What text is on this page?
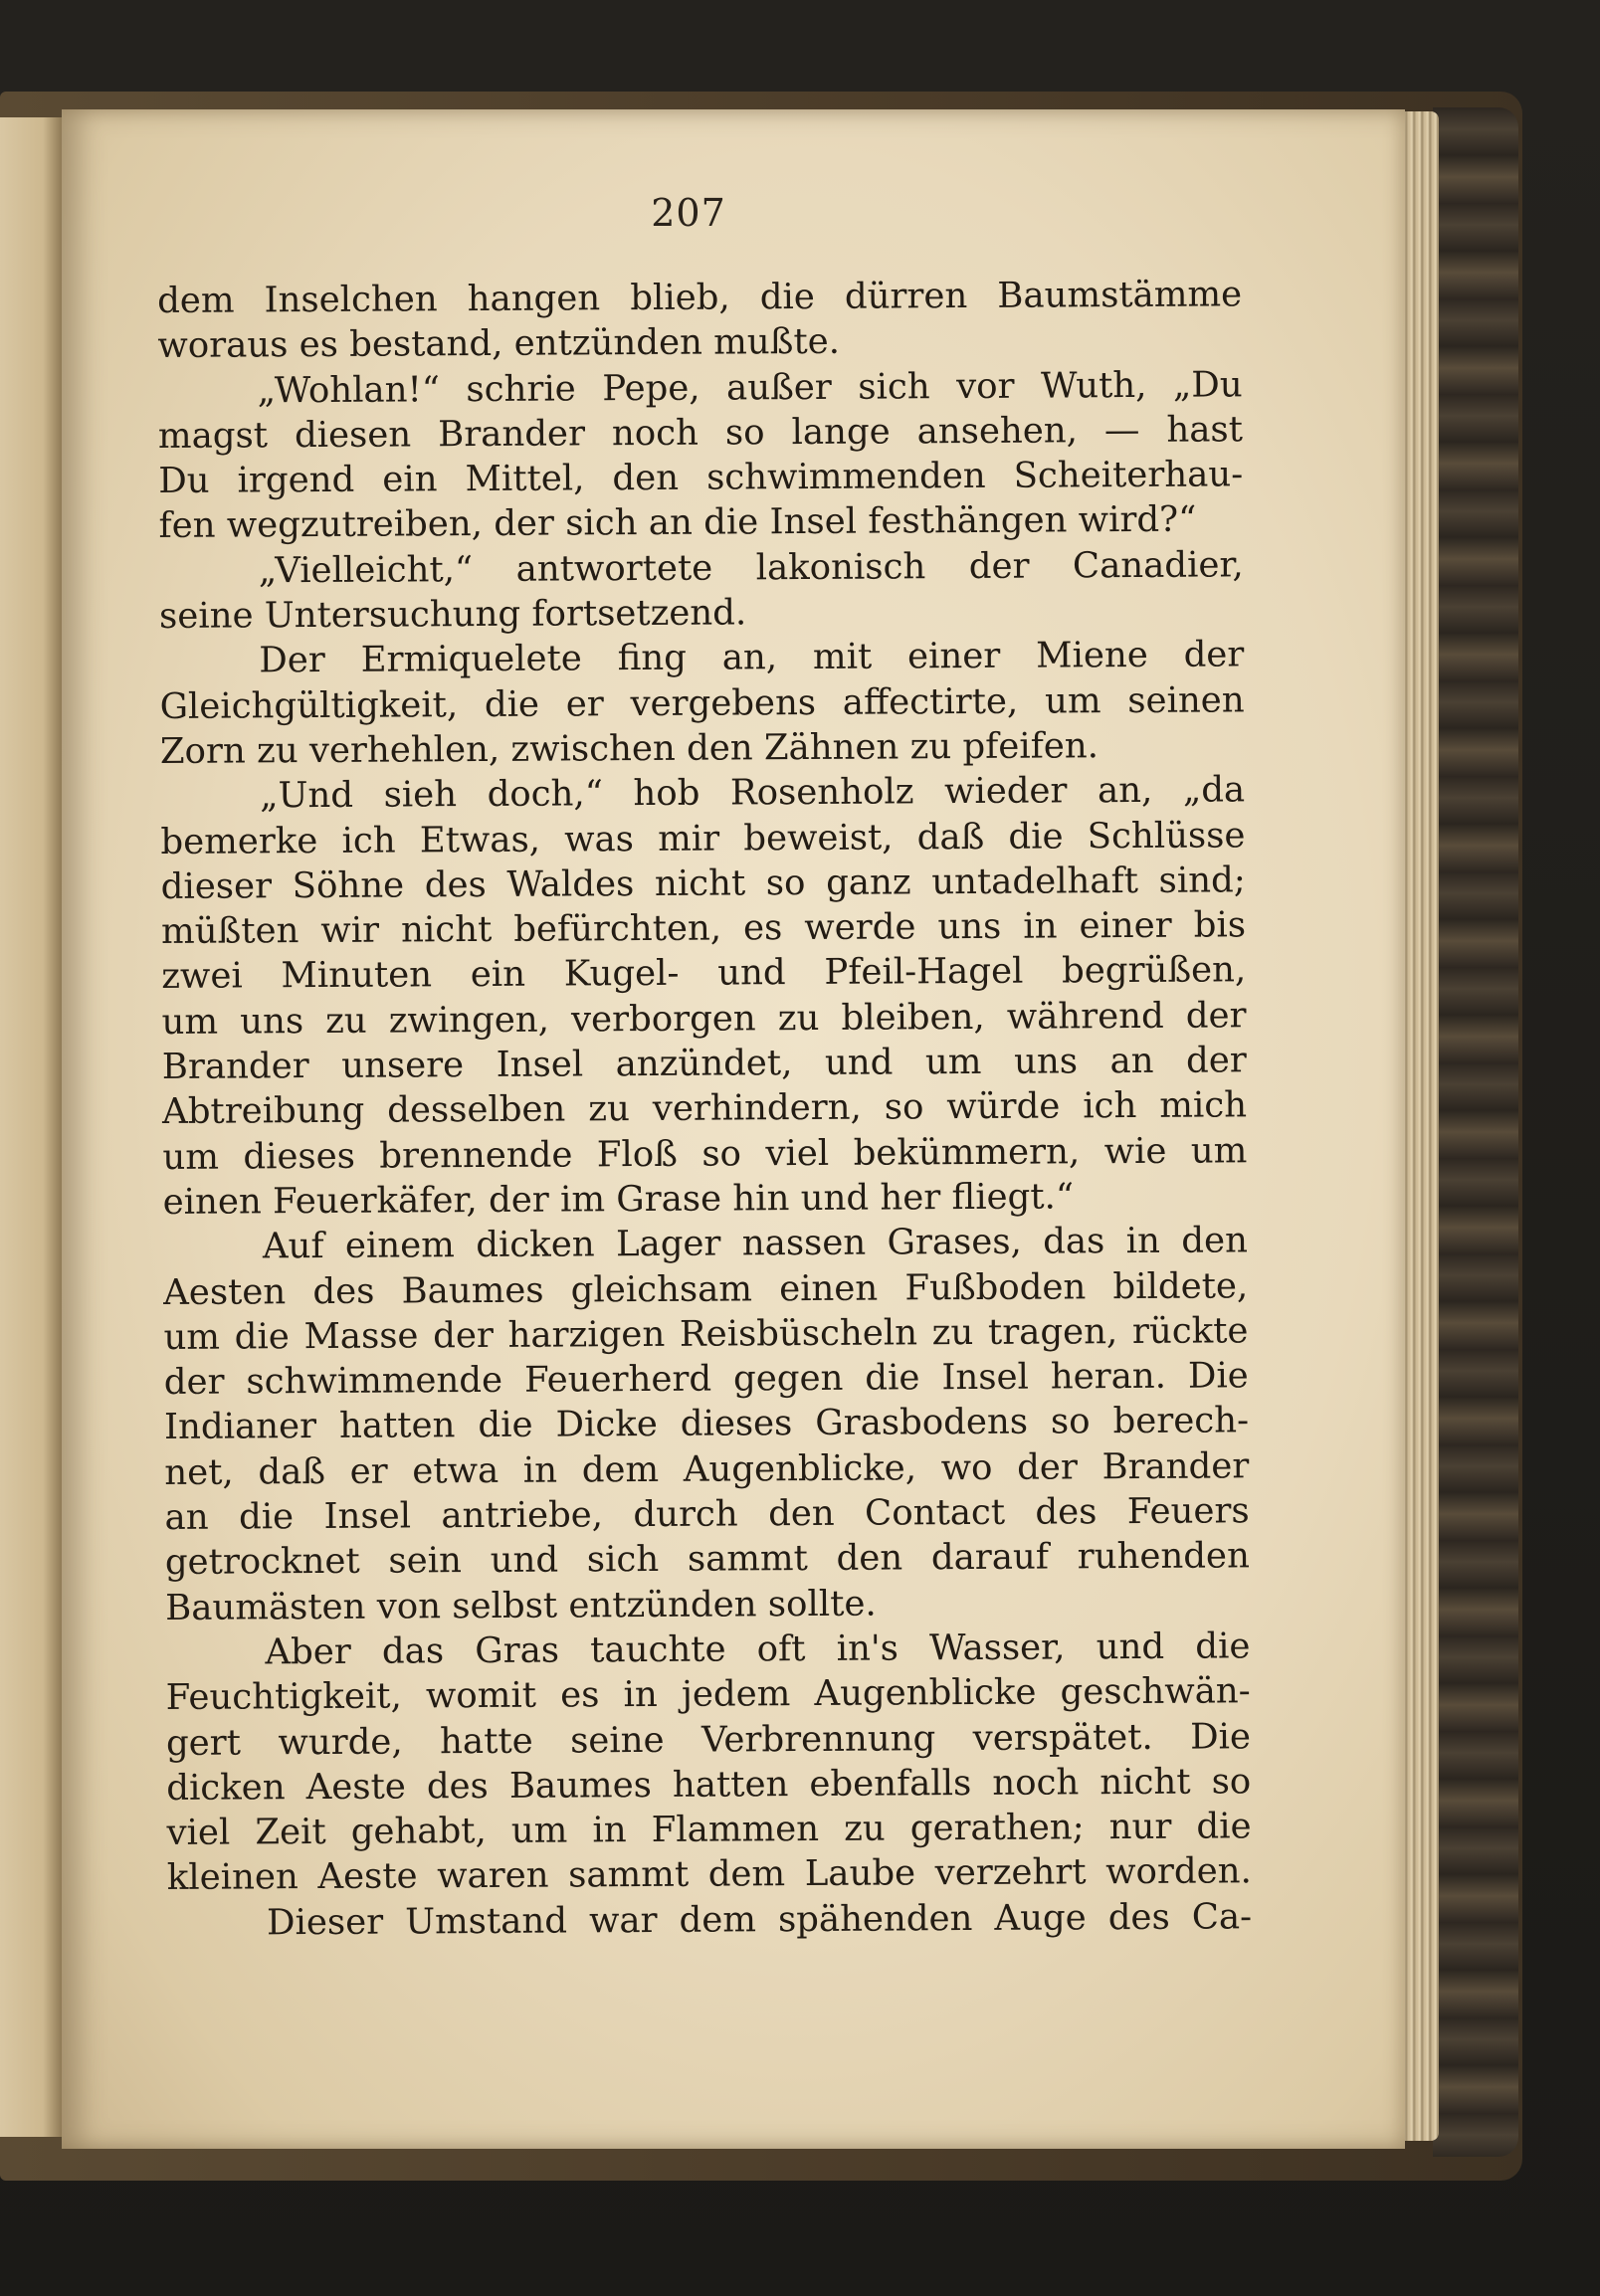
207
dem Inselchen hangen blieb, die dürren Baumstämme
woraus es bestand, entzünden mußte.
„Wohlan!“ schrie Pepe, außer sich vor Wuth, „Du
magst diesen Brander noch so lange ansehen, — hast
Du irgend ein Mittel, den schwimmenden Scheiterhau-
fen wegzutreiben, der sich an die Insel festhängen wird?“
„Vielleicht,“ antwortete lakonisch der Canadier,
seine Untersuchung fortsetzend.
Der Ermiquelete fing an, mit einer Miene der
Gleichgültigkeit, die er vergebens affectirte, um seinen
Zorn zu verhehlen, zwischen den Zähnen zu pfeifen.
„Und sieh doch,“ hob Rosenholz wieder an, „da
bemerke ich Etwas, was mir beweist, daß die Schlüsse
dieser Söhne des Waldes nicht so ganz untadelhaft sind;
müßten wir nicht befürchten, es werde uns in einer bis
zwei Minuten ein Kugel- und Pfeil-Hagel begrüßen,
um uns zu zwingen, verborgen zu bleiben, während der
Brander unsere Insel anzündet, und um uns an der
Abtreibung desselben zu verhindern, so würde ich mich
um dieses brennende Floß so viel bekümmern, wie um
einen Feuerkäfer, der im Grase hin und her fliegt.“
Auf einem dicken Lager nassen Grases, das in den
Aesten des Baumes gleichsam einen Fußboden bildete,
um die Masse der harzigen Reisbüscheln zu tragen, rückte
der schwimmende Feuerherd gegen die Insel heran. Die
Indianer hatten die Dicke dieses Grasbodens so berech-
net, daß er etwa in dem Augenblicke, wo der Brander
an die Insel antriebe, durch den Contact des Feuers
getrocknet sein und sich sammt den darauf ruhenden
Baumästen von selbst entzünden sollte.
Aber das Gras tauchte oft in's Wasser, und die
Feuchtigkeit, womit es in jedem Augenblicke geschwän-
gert wurde, hatte seine Verbrennung verspätet. Die
dicken Aeste des Baumes hatten ebenfalls noch nicht so
viel Zeit gehabt, um in Flammen zu gerathen; nur die
kleinen Aeste waren sammt dem Laube verzehrt worden.
Dieser Umstand war dem spähenden Auge des Ca-
